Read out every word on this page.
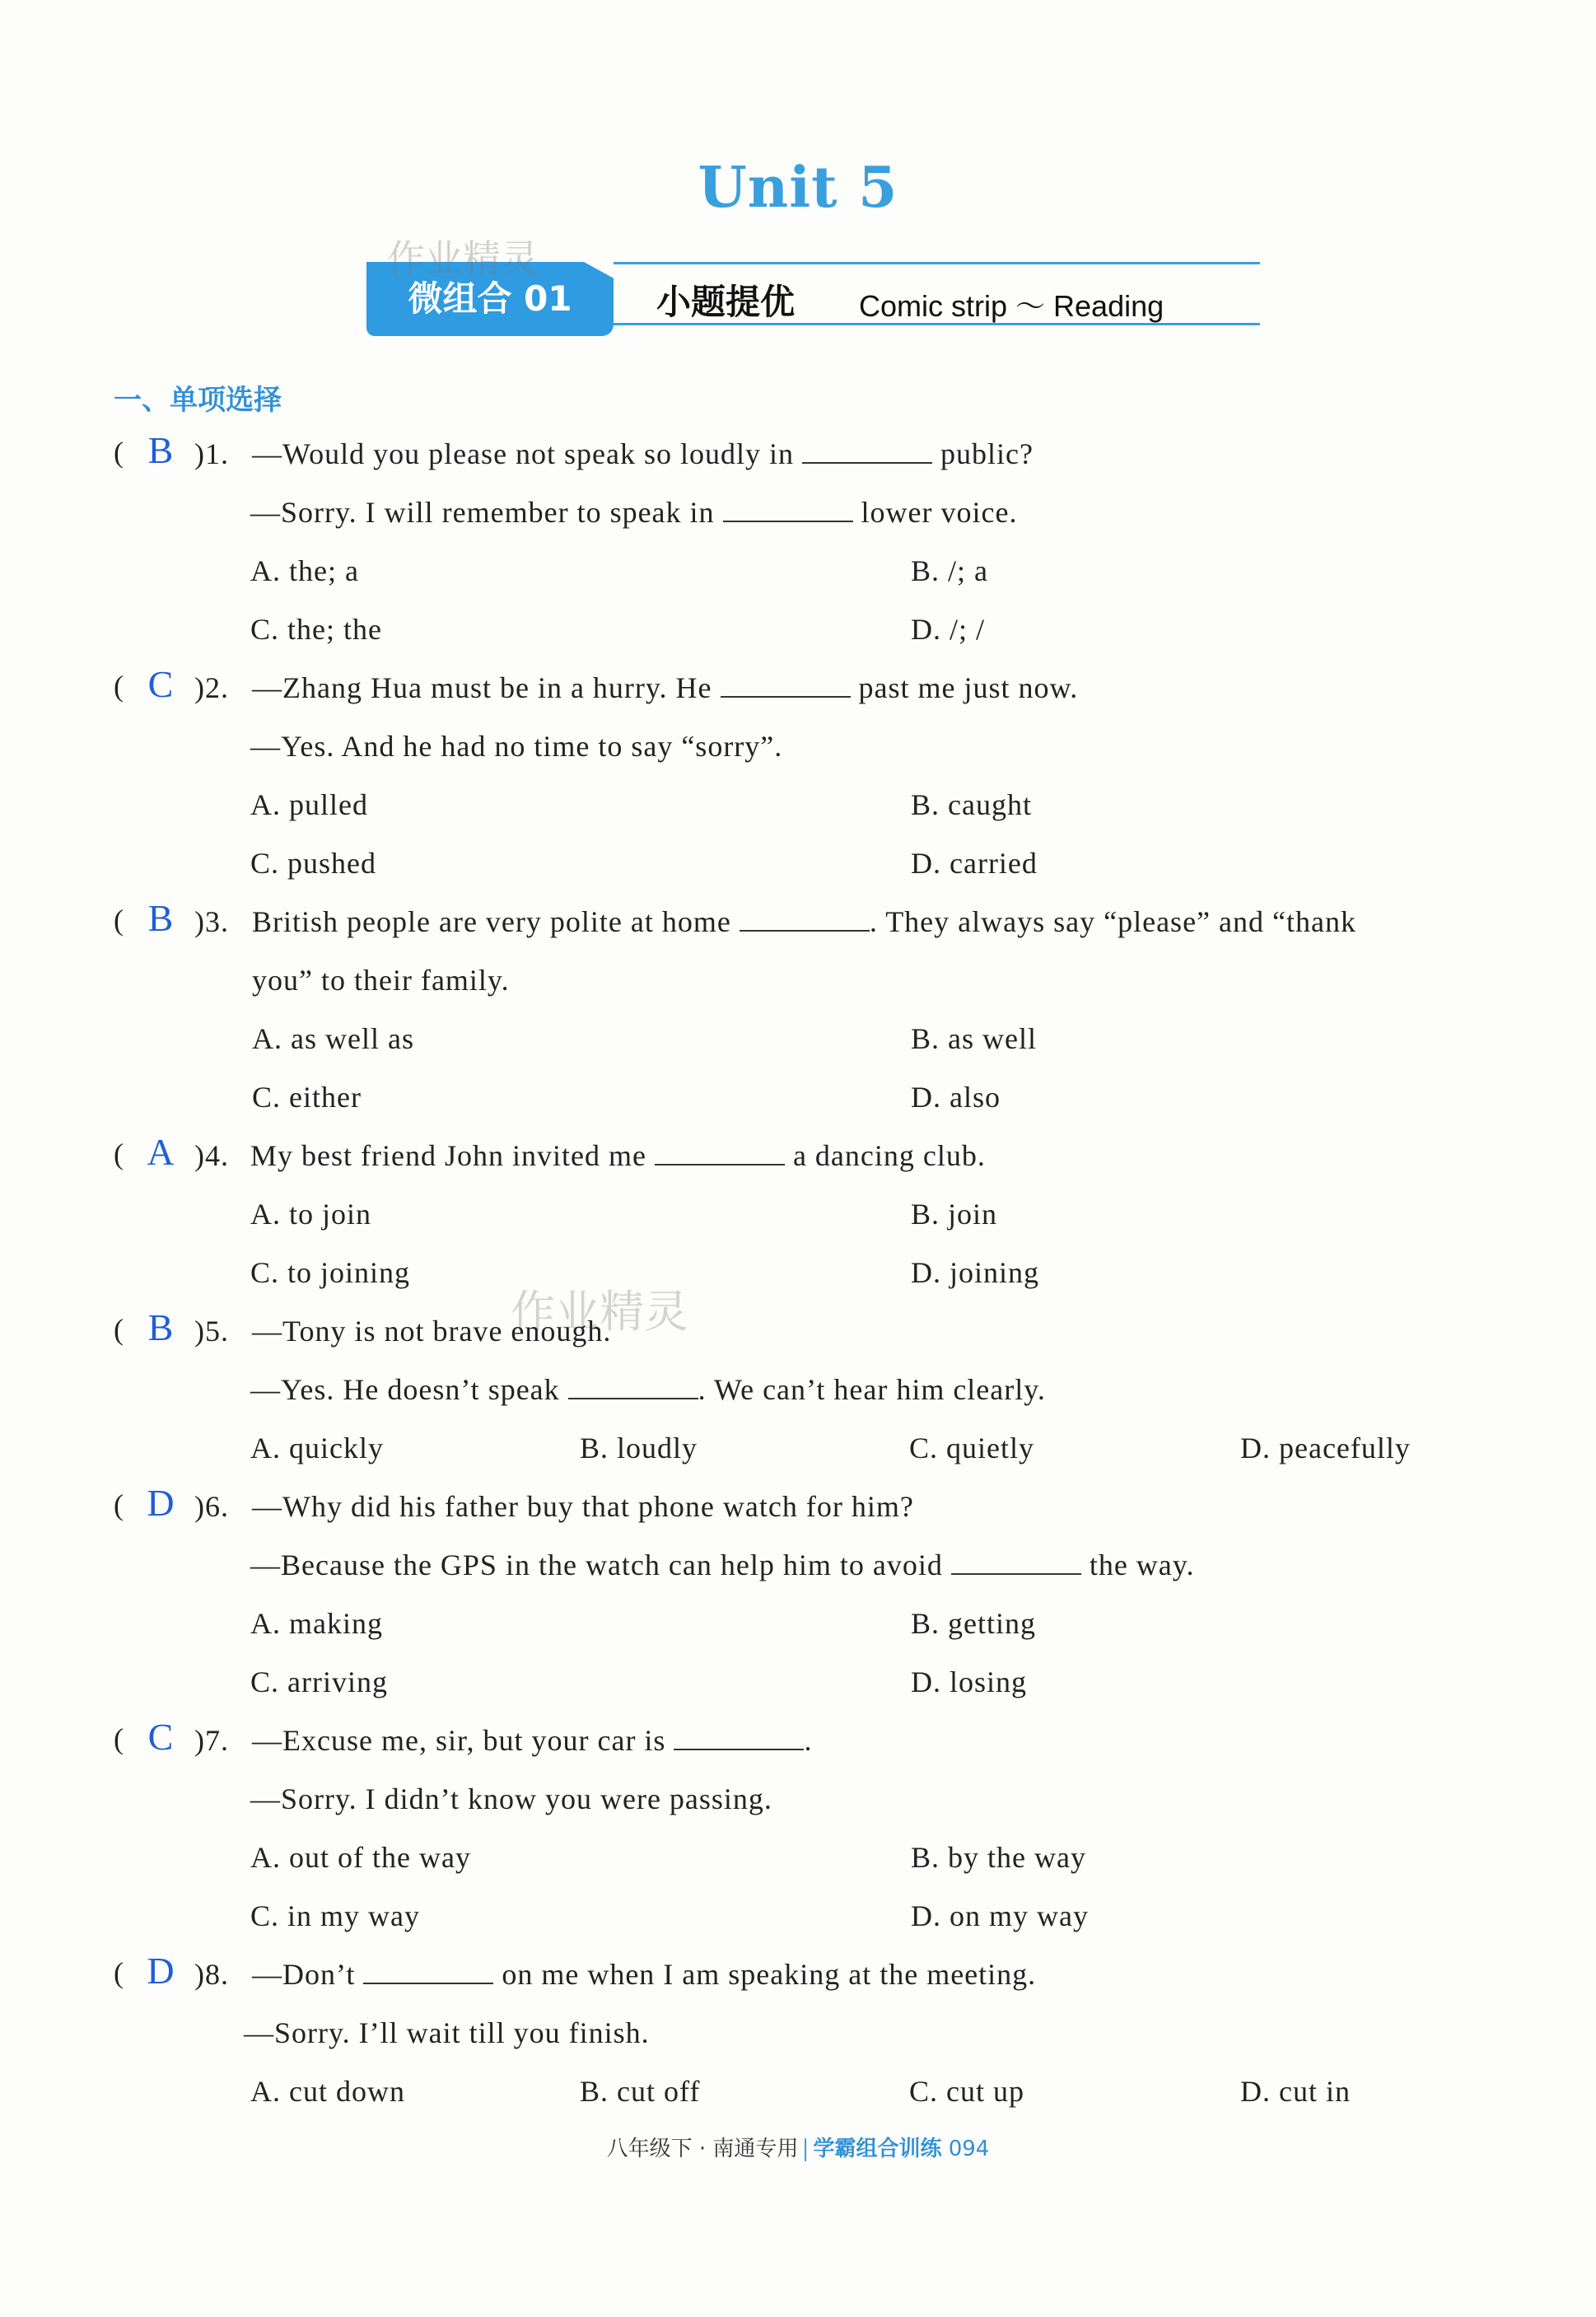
Unit 5
微组合 01
作业精灵
小题提优 Comic strip ～ Reading
一、单项选择
( B )1. —Would you please not speak so loudly in	public?
—Sorry. I will remember to speak in	lower voice.
A. the; a	B. /; a
C. the; the	D. /; /
( C )2. —Zhang Hua must be in a hurry. He	past me just now.
—Yes. And he had no time to say “sorry”.
A. pulled	B. caught
C. pushed	D. carried
( B )3. British people are very polite at home	. They always say “please” and “thank
you” to their family.
A. as well as	B. as well
C. either	D. also
( A )4. My best friend John invited me	a dancing club.
A. to join	B. join
C. to joining	D. joining
作业精灵
( B )5. —Tony is not brave enough.
—Yes. He doesn’t speak	. We can’t hear him clearly.
A. quickly	B. loudly	C. quietly	D. peacefully
( D )6. —Why did his father buy that phone watch for him?
—Because the GPS in the watch can help him to avoid	the way.
A. making	B. getting
C. arriving	D. losing
( C )7. —Excuse me, sir, but your car is	.
—Sorry. I didn’t know you were passing.
A. out of the way	B. by the way
C. in my way	D. on my way
( D )8. —Don’t	on me when I am speaking at the meeting.
—Sorry. I’ll wait till you finish.
A. cut down	B. cut off	C. cut up	D. cut in
八年级下 · 南通专用 学霸组合训练 094
